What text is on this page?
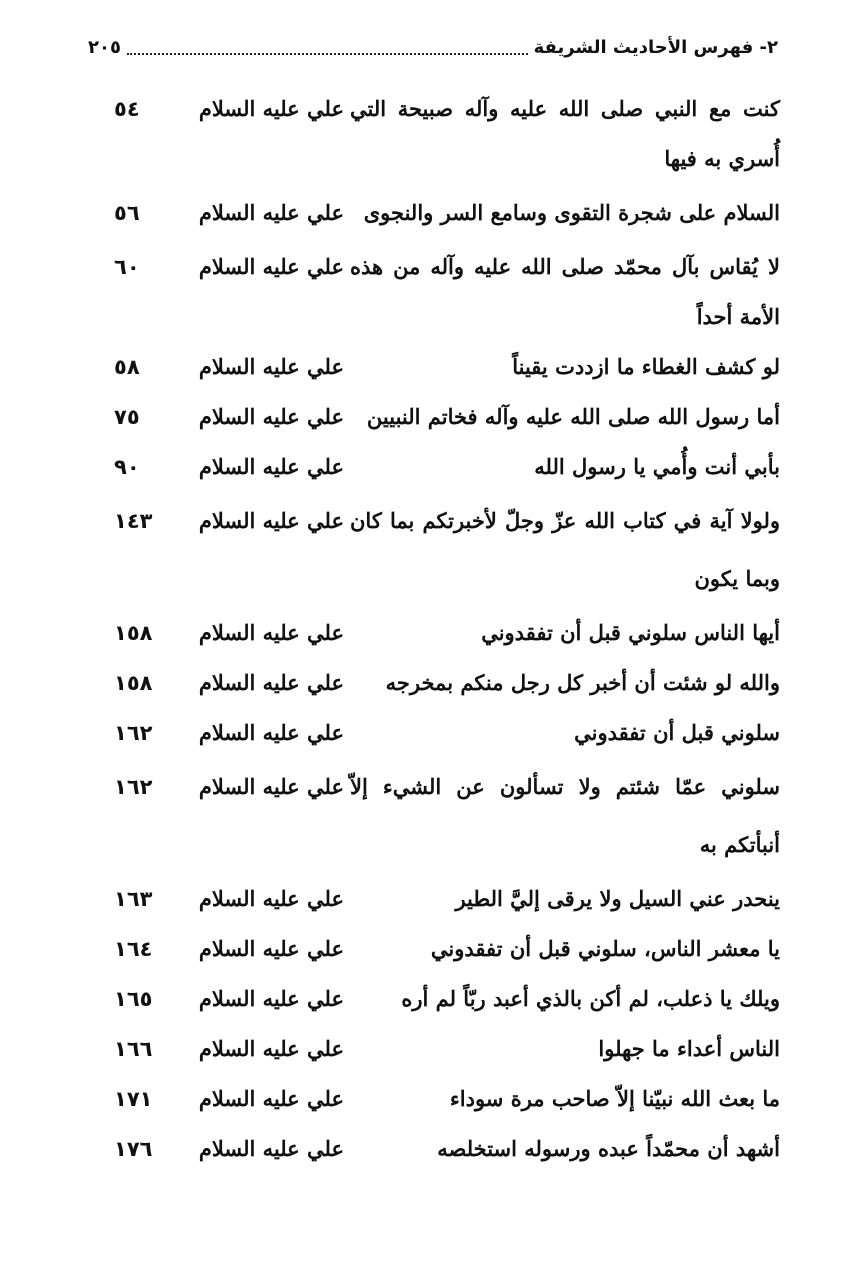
٢- فهرس الأحاديث الشريفة
٢٠٥
كنت مع النبي صلى الله عليه وآله صبيحة التي أُسري به فيها
علي عليه السلام
٥٤
السلام على شجرة التقوى وسامع السر والنجوى
علي عليه السلام
٥٦
لا يُقاس بآل محمّد صلى الله عليه وآله من هذه الأمة أحداً
علي عليه السلام
٦٠
لو كشف الغطاء ما ازددت يقيناً
علي عليه السلام
٥٨
أما رسول الله صلى الله عليه وآله فخاتم النبيين
علي عليه السلام
٧٥
بأبي أنت وأُمي يا رسول الله
علي عليه السلام
٩٠
ولولا آية في كتاب الله عزّ وجلّ لأخبرتكم بما كان وبما يكون
علي عليه السلام
١٤٣
أيها الناس سلوني قبل أن تفقدوني
علي عليه السلام
١٥٨
والله لو شئت أن أخبر كل رجل منكم بمخرجه
علي عليه السلام
١٥٨
سلوني قبل أن تفقدوني
علي عليه السلام
١٦٢
سلوني عمّا شئتم ولا تسألون عن الشيء إلاّ أنبأتكم به
علي عليه السلام
١٦٢
ينحدر عني السيل ولا يرقى إليَّ الطير
علي عليه السلام
١٦٣
يا معشر الناس، سلوني قبل أن تفقدوني
علي عليه السلام
١٦٤
ويلك يا ذعلب، لم أكن بالذي أعبد ربّاً لم أره
علي عليه السلام
١٦٥
الناس أعداء ما جهلوا
علي عليه السلام
١٦٦
ما بعث الله نبيّنا إلاّ صاحب مرة سوداء
علي عليه السلام
١٧١
أشهد أن محمّداً عبده ورسوله استخلصه
علي عليه السلام
١٧٦
